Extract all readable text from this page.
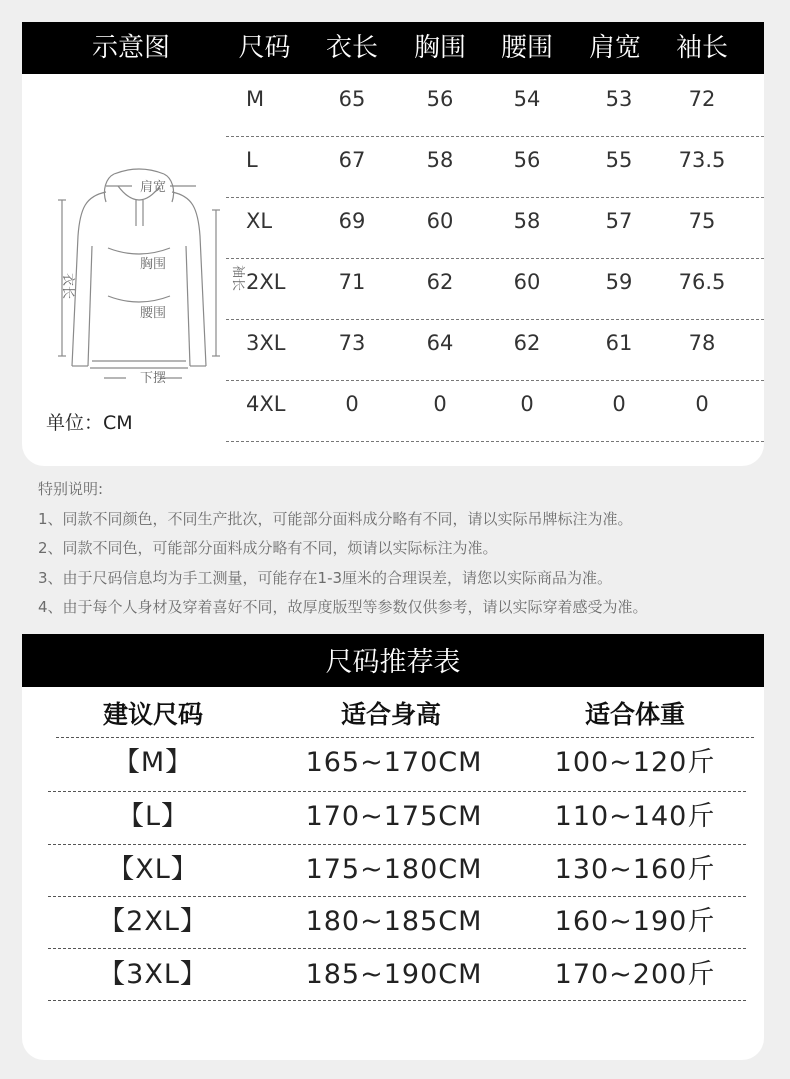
示意图	尺码	衣长	胸围	腰围	肩宽	袖长
肩宽
胸围
腰围
下摆
衣长	袖长
单位：CM
M	65	56	54	53	72
L	67	58	56	55	73.5
XL	69	60	58	57	75
2XL	71	62	60	59	76.5
3XL	73	64	62	61	78
4XL	0	0	0	0	0
特别说明:
1、同款不同颜色，不同生产批次，可能部分面料成分略有不同，请以实际吊牌标注为准。
2、同款不同色，可能部分面料成分略有不同，烦请以实际标注为准。
3、由于尺码信息均为手工测量，可能存在1-3厘米的合理误差，请您以实际商品为准。
4、由于每个人身材及穿着喜好不同，故厚度版型等参数仅供参考，请以实际穿着感受为准。
尺码推荐表
建议尺码	适合身高	适合体重
【M】	165~170CM	100~120斤
【L】	170~175CM	110~140斤
【XL】	175~180CM	130~160斤
【2XL】	180~185CM	160~190斤
【3XL】	185~190CM	170~200斤
